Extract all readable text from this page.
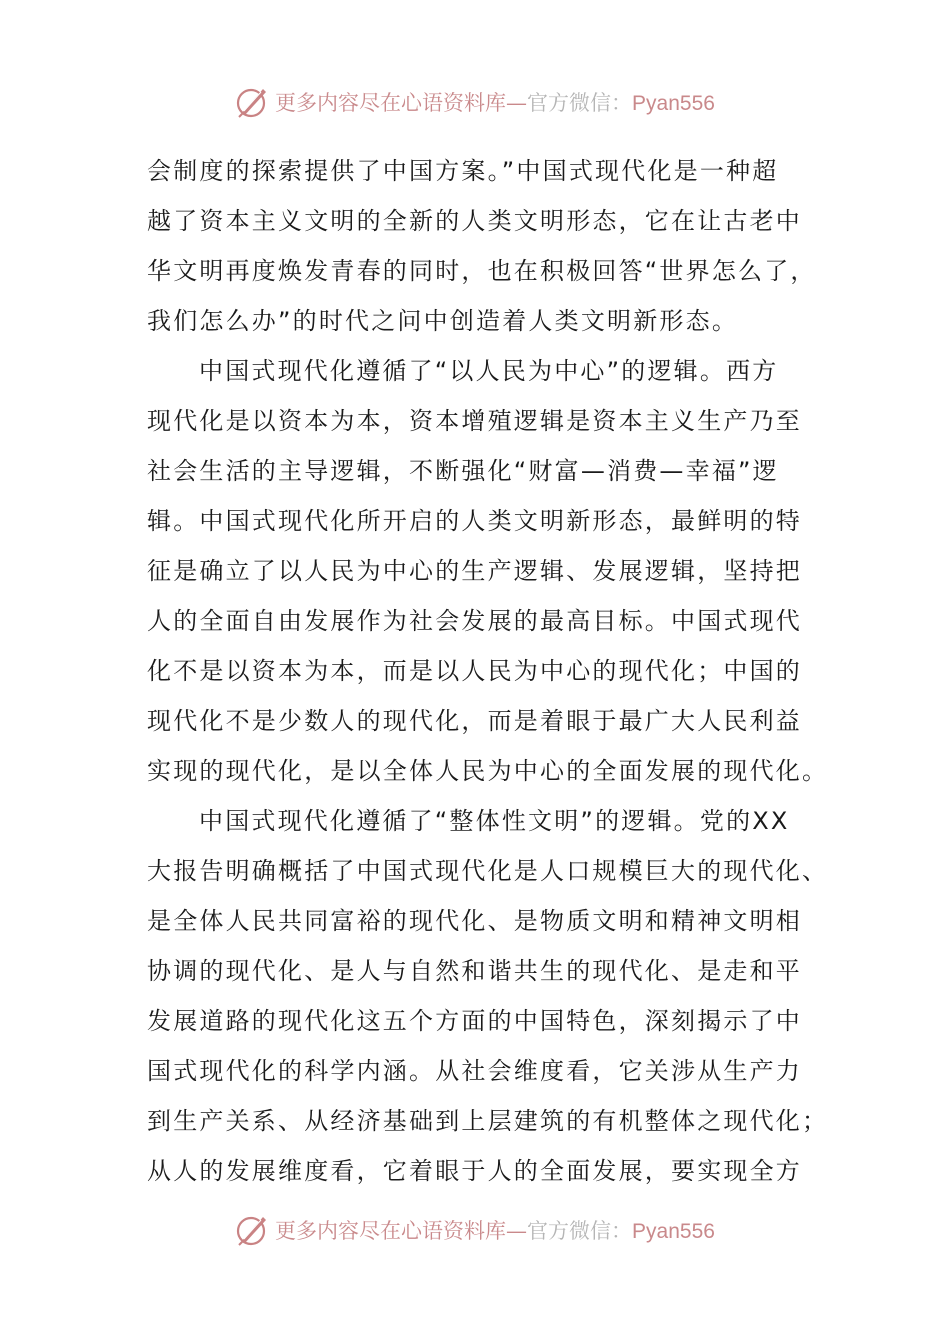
更多内容尽在心语资料库—官方微信：Pyan556
会制度的探索提供了中国方案。”中国式现代化是一种超
越了资本主义文明的全新的人类文明形态，它在让古老中
华文明再度焕发青春的同时，也在积极回答“世界怎么了，
我们怎么办”的时代之问中创造着人类文明新形态。
中国式现代化遵循了“以人民为中心”的逻辑。西方
现代化是以资本为本，资本增殖逻辑是资本主义生产乃至
社会生活的主导逻辑，不断强化“财富—消费—幸福”逻
辑。中国式现代化所开启的人类文明新形态，最鲜明的特
征是确立了以人民为中心的生产逻辑、发展逻辑，坚持把
人的全面自由发展作为社会发展的最高目标。中国式现代
化不是以资本为本，而是以人民为中心的现代化；中国的
现代化不是少数人的现代化，而是着眼于最广大人民利益
实现的现代化，是以全体人民为中心的全面发展的现代化。
中国式现代化遵循了“整体性文明”的逻辑。党的XX
大报告明确概括了中国式现代化是人口规模巨大的现代化、
是全体人民共同富裕的现代化、是物质文明和精神文明相
协调的现代化、是人与自然和谐共生的现代化、是走和平
发展道路的现代化这五个方面的中国特色，深刻揭示了中
国式现代化的科学内涵。从社会维度看，它关涉从生产力
到生产关系、从经济基础到上层建筑的有机整体之现代化；
从人的发展维度看，它着眼于人的全面发展，要实现全方
更多内容尽在心语资料库—官方微信：Pyan556
